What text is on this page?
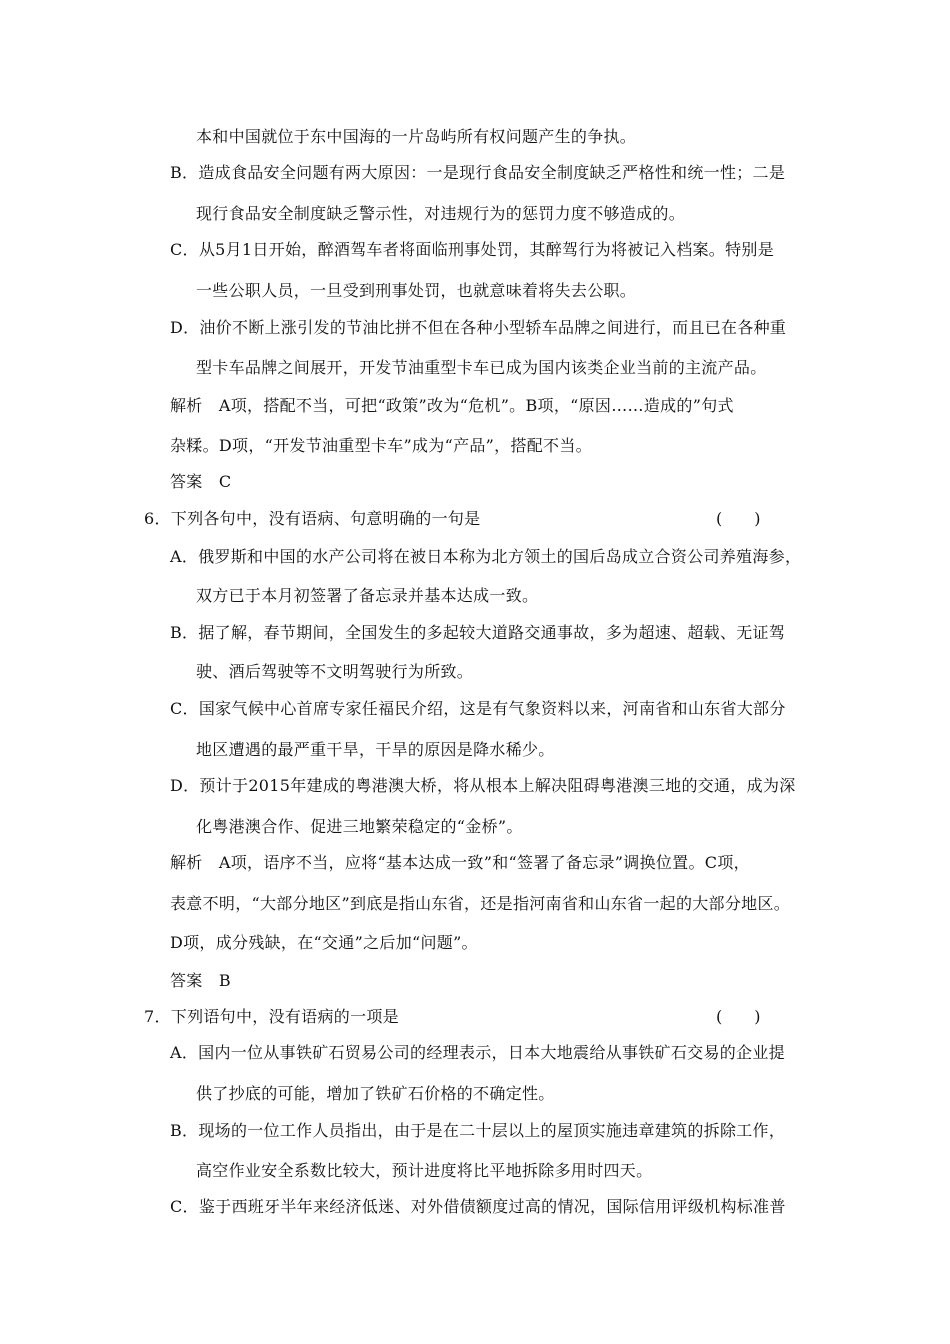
本和中国就位于东中国海的一片岛屿所有权问题产生的争执。
B．造成食品安全问题有两大原因：一是现行食品安全制度缺乏严格性和统一性；二是
现行食品安全制度缺乏警示性，对违规行为的惩罚力度不够造成的。
C．从5月1日开始，醉酒驾车者将面临刑事处罚，其醉驾行为将被记入档案。特别是
一些公职人员，一旦受到刑事处罚，也就意味着将失去公职。
D．油价不断上涨引发的节油比拼不但在各种小型轿车品牌之间进行，而且已在各种重
型卡车品牌之间展开，开发节油重型卡车已成为国内该类企业当前的主流产品。
解析　A项，搭配不当，可把“政策”改为“危机”。B项，“原因……造成的”句式
杂糅。D项，“开发节油重型卡车”成为“产品”，搭配不当。
答案　C
6．下列各句中，没有语病、句意明确的一句是	(　　)
A．俄罗斯和中国的水产公司将在被日本称为北方领土的国后岛成立合资公司养殖海参，
双方已于本月初签署了备忘录并基本达成一致。
B．据了解，春节期间，全国发生的多起较大道路交通事故，多为超速、超载、无证驾
驶、酒后驾驶等不文明驾驶行为所致。
C．国家气候中心首席专家任福民介绍，这是有气象资料以来，河南省和山东省大部分
地区遭遇的最严重干旱，干旱的原因是降水稀少。
D．预计于2015年建成的粤港澳大桥，将从根本上解决阻碍粤港澳三地的交通，成为深
化粤港澳合作、促进三地繁荣稳定的“金桥”。
解析　A项，语序不当，应将“基本达成一致”和“签署了备忘录”调换位置。C项，
表意不明，“大部分地区”到底是指山东省，还是指河南省和山东省一起的大部分地区。
D项，成分残缺，在“交通”之后加“问题”。
答案　B
7．下列语句中，没有语病的一项是	(　　)
A．国内一位从事铁矿石贸易公司的经理表示，日本大地震给从事铁矿石交易的企业提
供了抄底的可能，增加了铁矿石价格的不确定性。
B．现场的一位工作人员指出，由于是在二十层以上的屋顶实施违章建筑的拆除工作，
高空作业安全系数比较大，预计进度将比平地拆除多用时四天。
C．鉴于西班牙半年来经济低迷、对外借债额度过高的情况，国际信用评级机构标准普
